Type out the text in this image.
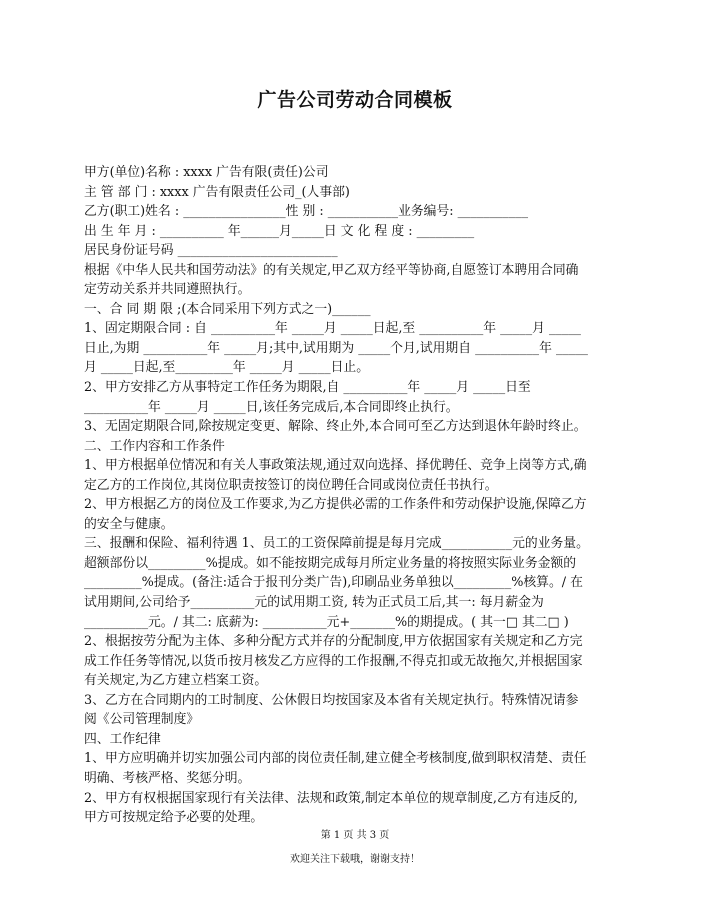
广告公司劳动合同模板
甲方(单位)名称 : xxxx 广告有限(责任)公司
主 管 部 门 : xxxx 广告有限责任公司_(人事部)
乙方(职工)姓名 : ________________性 别 : ___________业务编号: ___________
出 生 年 月 : __________ 年______月_____日 文 化 程 度 : _________
居民身份证号码 _________________________
根据《中华人民共和国劳动法》的有关规定,甲乙双方经平等协商,自愿签订本聘用合同确
定劳动关系并共同遵照执行。
一、合 同 期 限 ;(本合同采用下列方式之一)______
1、固定期限合同 : 自 __________年 _____月 _____日起,至 __________年 _____月 _____
日止,为期 __________年 _____月;其中,试用期为 _____个月,试用期自 __________年 _____
月 _____日起,至_________年 _____月 _____日止。
2、甲方安排乙方从事特定工作任务为期限,自 __________年 _____月 _____日至
__________年 _____月 _____日,该任务完成后,本合同即终止执行。
3、无固定期限合同,除按规定变更、解除、终止外,本合同可至乙方达到退休年龄时终止。
二、工作内容和工作条件
1、甲方根据单位情况和有关人事政策法规,通过双向选择、择优聘任、竞争上岗等方式,确
定乙方的工作岗位,其岗位职责按签订的岗位聘任合同或岗位责任书执行。
2、甲方根据乙方的岗位及工作要求,为乙方提供必需的工作条件和劳动保护设施,保障乙方
的安全与健康。
三、报酬和保险、福利待遇 1、员工的工资保障前提是每月完成___________元的业务量。
超额部份以_________%提成。如不能按期完成每月所定业务量的将按照实际业务金额的
_________%提成。(备注:适合于报刊分类广告),印刷品业务单独以_________%核算。/ 在
试用期间,公司给予__________元的试用期工资, 转为正式员工后,其一: 每月薪金为
__________元。/ 其二: 底薪为: __________元+_______%的期提成。( 其一□ 其二□ )
2、根据按劳分配为主体、多种分配方式并存的分配制度,甲方依据国家有关规定和乙方完
成工作任务等情况,以货币按月核发乙方应得的工作报酬,不得克扣或无故拖欠,并根据国家
有关规定,为乙方建立档案工资。
3、乙方在合同期内的工时制度、公休假日均按国家及本省有关规定执行。特殊情况请参
阅《公司管理制度》
四、工作纪律
1、甲方应明确并切实加强公司内部的岗位责任制,建立健全考核制度,做到职权清楚、责任
明确、考核严格、奖惩分明。
2、甲方有权根据国家现行有关法律、法规和政策,制定本单位的规章制度,乙方有违反的,
甲方可按规定给予必要的处理。
第 1 页 共 3 页
欢迎关注下载哦，谢谢支持！
